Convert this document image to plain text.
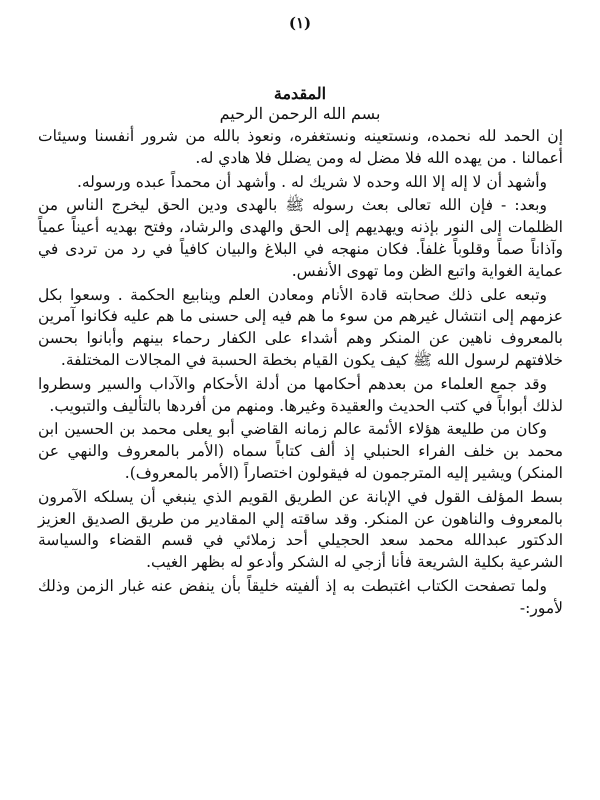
(١)
المقدمة
بسم الله الرحمن الرحيم

إن الحمد لله نحمده، ونستعينه ونستغفره، ونعوذ بالله من شرور أنفسنا وسيئات أعمالنا . من يهده الله فلا مضل له ومن يضلل فلا هادي له.

وأشهد أن لا إله إلا الله وحده لا شريك له . وأشهد أن محمداً عبده ورسوله.

وبعد: - فإن الله تعالى بعث رسوله ﷺ بالهدى ودين الحق ليخرج الناس من الظلمات إلى النور بإذنه ويهديهم إلى الحق والهدى والرشاد، وفتح بهديه أعيناً عمياً وآذاناً صماً وقلوباً غلفاً. فكان منهجه في البلاغ والبيان كافياً في رد من تردى في عماية الغواية واتبع الظن وما تهوى الأنفس.

وتبعه على ذلك صحابته قادة الأنام ومعادن العلم وينابيع الحكمة . وسعوا بكل عزمهم إلى انتشال غيرهم من سوء ما هم فيه إلى حسنى ما هم عليه فكانوا آمرين بالمعروف ناهين عن المنكر وهم أشداء على الكفار رحماء بينهم وأبانوا بحسن خلافتهم لرسول الله ﷺ كيف يكون القيام بخطة الحسبة في المجالات المختلفة.

وقد جمع العلماء من بعدهم أحكامها من أدلة الأحكام والآداب والسير وسطروا لذلك أبواباً في كتب الحديث والعقيدة وغيرها. ومنهم من أفردها بالتأليف والتبويب.

وكان من طليعة هؤلاء الأئمة عالم زمانه القاضي أبو يعلى محمد بن الحسين ابن محمد بن خلف الفراء الحنبلي إذ ألف كتاباً سماه (الأمر بالمعروف والنهي عن المنكر) ويشير إليه المترجمون له فيقولون اختصاراً (الأمر بالمعروف).

بسط المؤلف القول في الإبانة عن الطريق القويم الذي ينبغي أن يسلكه الآمرون بالمعروف والناهون عن المنكر. وقد ساقته إلي المقادير من طريق الصديق العزيز الدكتور عبدالله محمد سعد الحجيلي أحد زملائي في قسم القضاء والسياسة الشرعية بكلية الشريعة فأنا أزجي له الشكر وأدعو له بظهر الغيب.

ولما تصفحت الكتاب اغتبطت به إذ ألفيته خليقاً بأن ينفض عنه غبار الزمن وذلك لأمور:-
